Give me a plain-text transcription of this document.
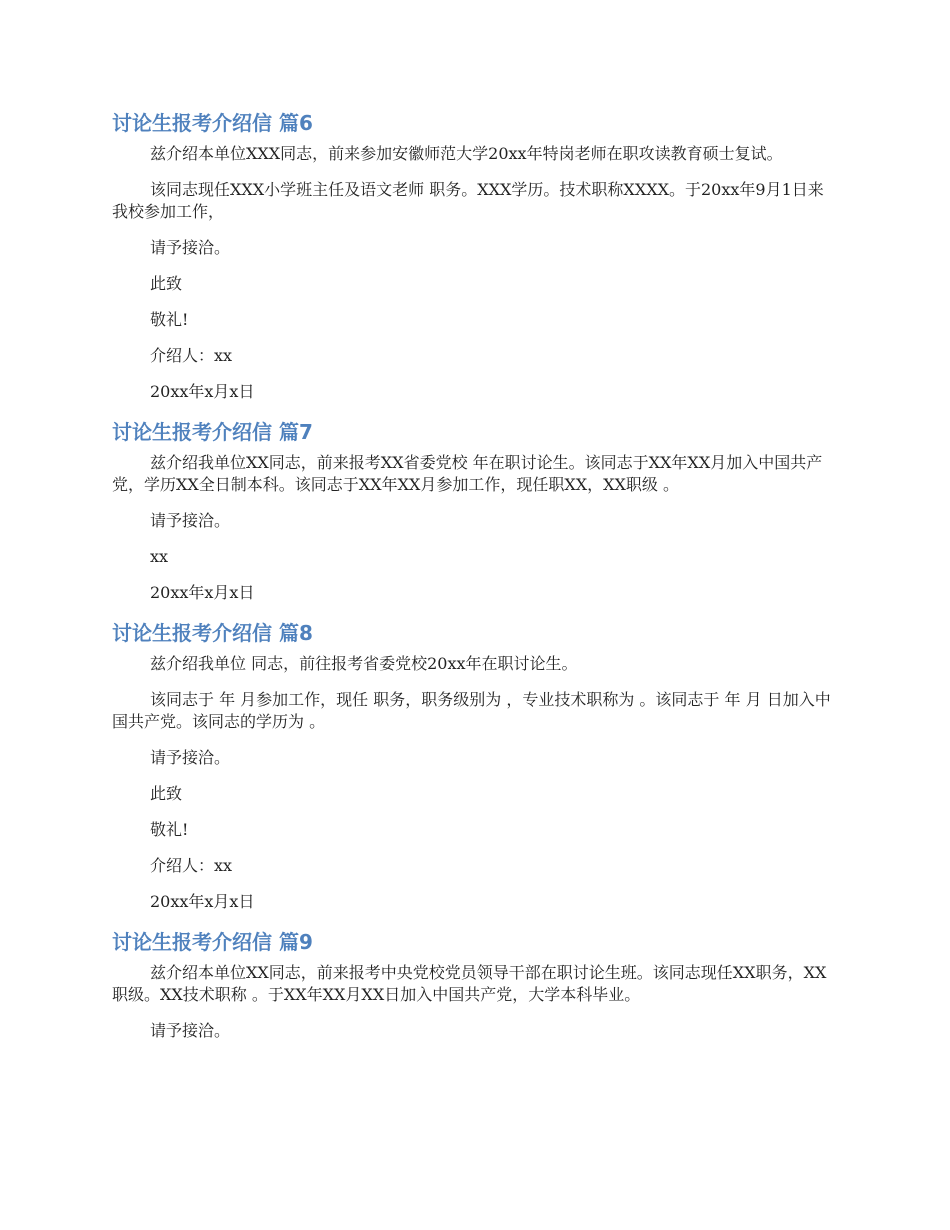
讨论生报考介绍信 篇6

兹介绍本单位XXX同志，前来参加安徽师范大学20xx年特岗老师在职攻读教育硕士复试。

该同志现任XXX小学班主任及语文老师 职务。XXX学历。技术职称XXXX。于20xx年9月1日来我校参加工作，

请予接洽。

此致

敬礼!

介绍人：xx

20xx年x月x日

讨论生报考介绍信 篇7

兹介绍我单位XX同志，前来报考XX省委党校 年在职讨论生。该同志于XX年XX月加入中国共产党，学历XX全日制本科。该同志于XX年XX月参加工作，现任职XX，XX职级 。

请予接洽。

xx

20xx年x月x日

讨论生报考介绍信 篇8

兹介绍我单位 同志，前往报考省委党校20xx年在职讨论生。

该同志于 年 月参加工作，现任 职务，职务级别为 ，专业技术职称为 。该同志于 年 月 日加入中国共产党。该同志的学历为 。

请予接洽。

此致

敬礼!

介绍人：xx

20xx年x月x日

讨论生报考介绍信 篇9

兹介绍本单位XX同志，前来报考中央党校党员领导干部在职讨论生班。该同志现任XX职务，XX职级。XX技术职称 。于XX年XX月XX日加入中国共产党，大学本科毕业。

请予接洽。
